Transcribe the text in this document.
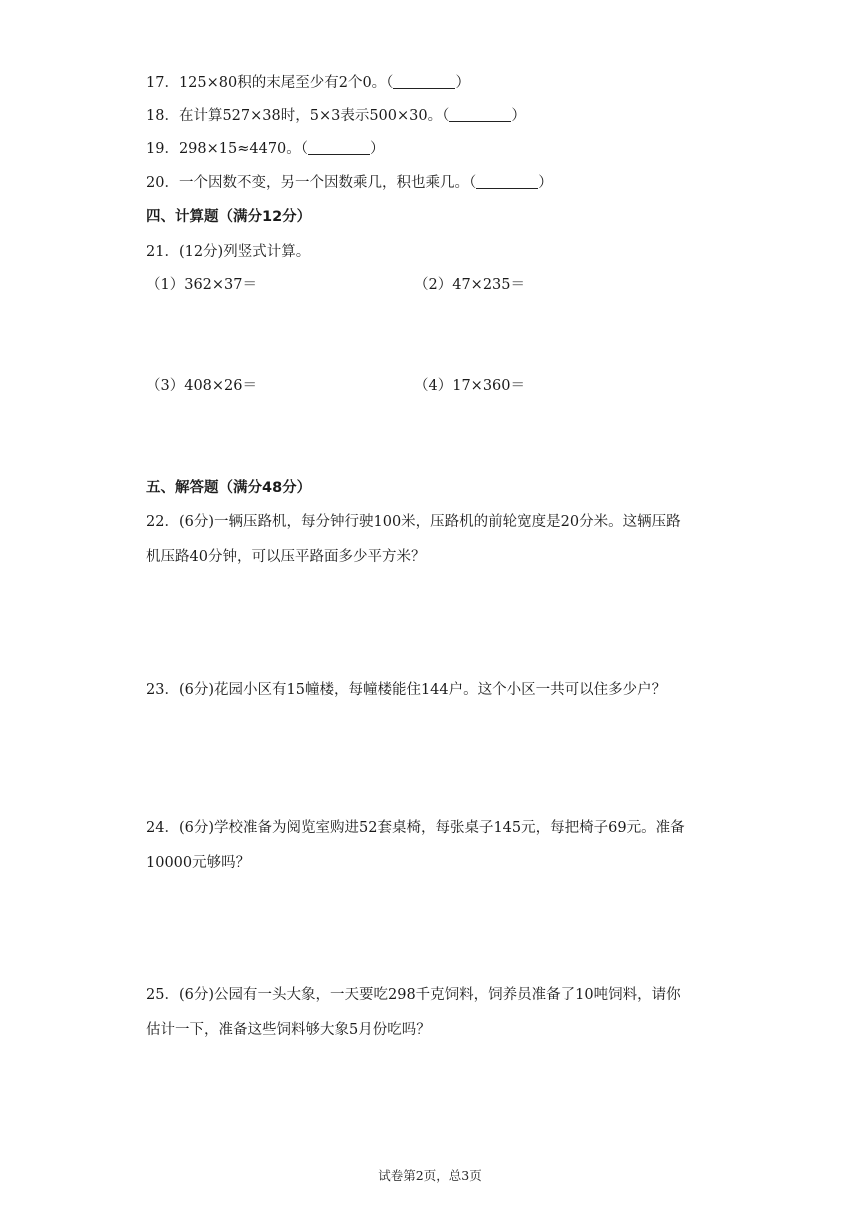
17．125×80积的末尾至少有2个0。（	）
18．在计算527×38时，5×3表示500×30。（	）
19．298×15≈4470。（	）
20．一个因数不变，另一个因数乘几，积也乘几。（	）
四、计算题（满分12分）
21．(12分)列竖式计算。
（1）362×37＝	（2）47×235＝
（3）408×26＝	（4）17×360＝
五、解答题（满分48分）
22．(6分)一辆压路机，每分钟行驶100米，压路机的前轮宽度是20分米。这辆压路
机压路40分钟，可以压平路面多少平方米？
23．(6分)花园小区有15幢楼，每幢楼能住144户。这个小区一共可以住多少户？
24．(6分)学校准备为阅览室购进52套桌椅，每张桌子145元，每把椅子69元。准备
10000元够吗？
25．(6分)公园有一头大象，一天要吃298千克饲料，饲养员准备了10吨饲料，请你
估计一下，准备这些饲料够大象5月份吃吗？
试卷第2页，总3页
